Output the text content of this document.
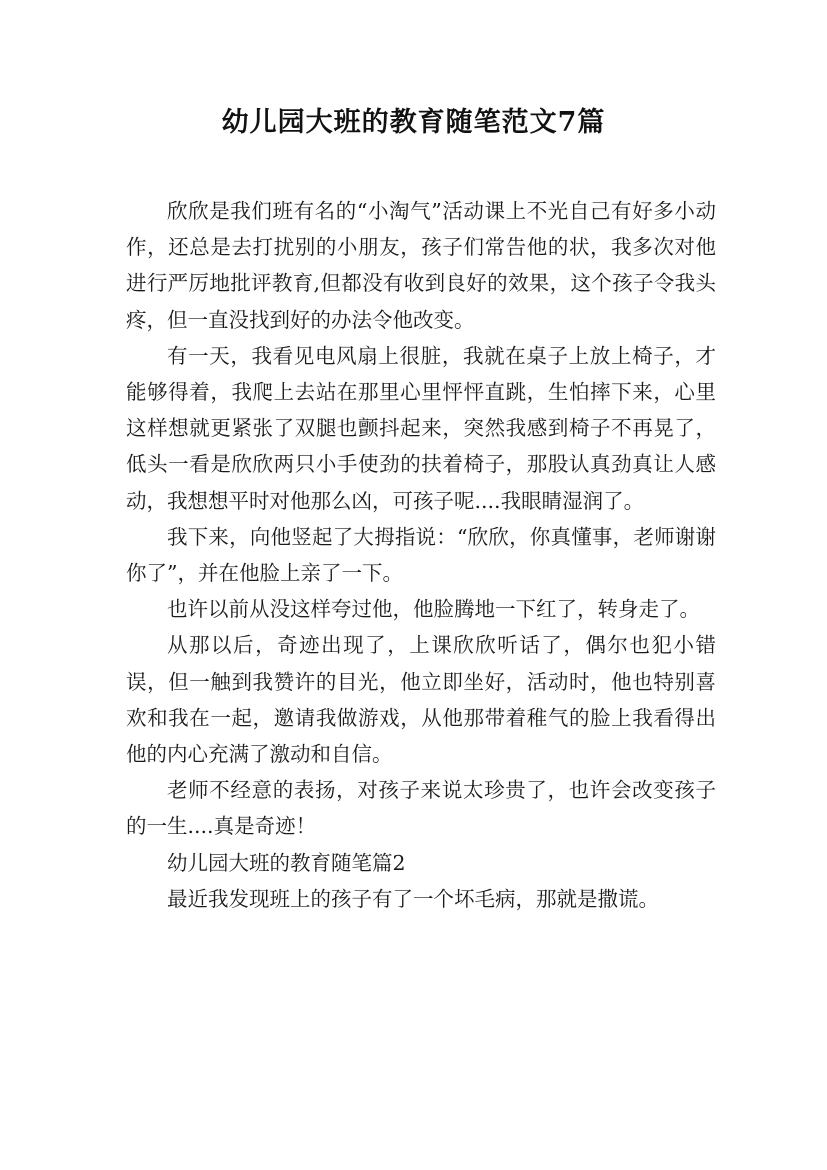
幼儿园大班的教育随笔范文7篇

欣欣是我们班有名的“小淘气”活动课上不光自己有好多小动作，还总是去打扰别的小朋友，孩子们常告他的状，我多次对他进行严厉地批评教育,但都没有收到良好的效果，这个孩子令我头疼，但一直没找到好的办法令他改变。

有一天，我看见电风扇上很脏，我就在桌子上放上椅子，才能够得着，我爬上去站在那里心里怦怦直跳，生怕摔下来，心里这样想就更紧张了双腿也颤抖起来，突然我感到椅子不再晃了，低头一看是欣欣两只小手使劲的扶着椅子，那股认真劲真让人感动，我想想平时对他那么凶，可孩子呢....我眼睛湿润了。

我下来，向他竖起了大拇指说：“欣欣，你真懂事，老师谢谢你了”，并在他脸上亲了一下。

也许以前从没这样夸过他，他脸腾地一下红了，转身走了。

从那以后，奇迹出现了，上课欣欣听话了，偶尔也犯小错误，但一触到我赞许的目光，他立即坐好，活动时，他也特别喜欢和我在一起，邀请我做游戏，从他那带着稚气的脸上我看得出他的内心充满了激动和自信。

老师不经意的表扬，对孩子来说太珍贵了，也许会改变孩子的一生....真是奇迹！

幼儿园大班的教育随笔篇2

最近我发现班上的孩子有了一个坏毛病，那就是撒谎。
